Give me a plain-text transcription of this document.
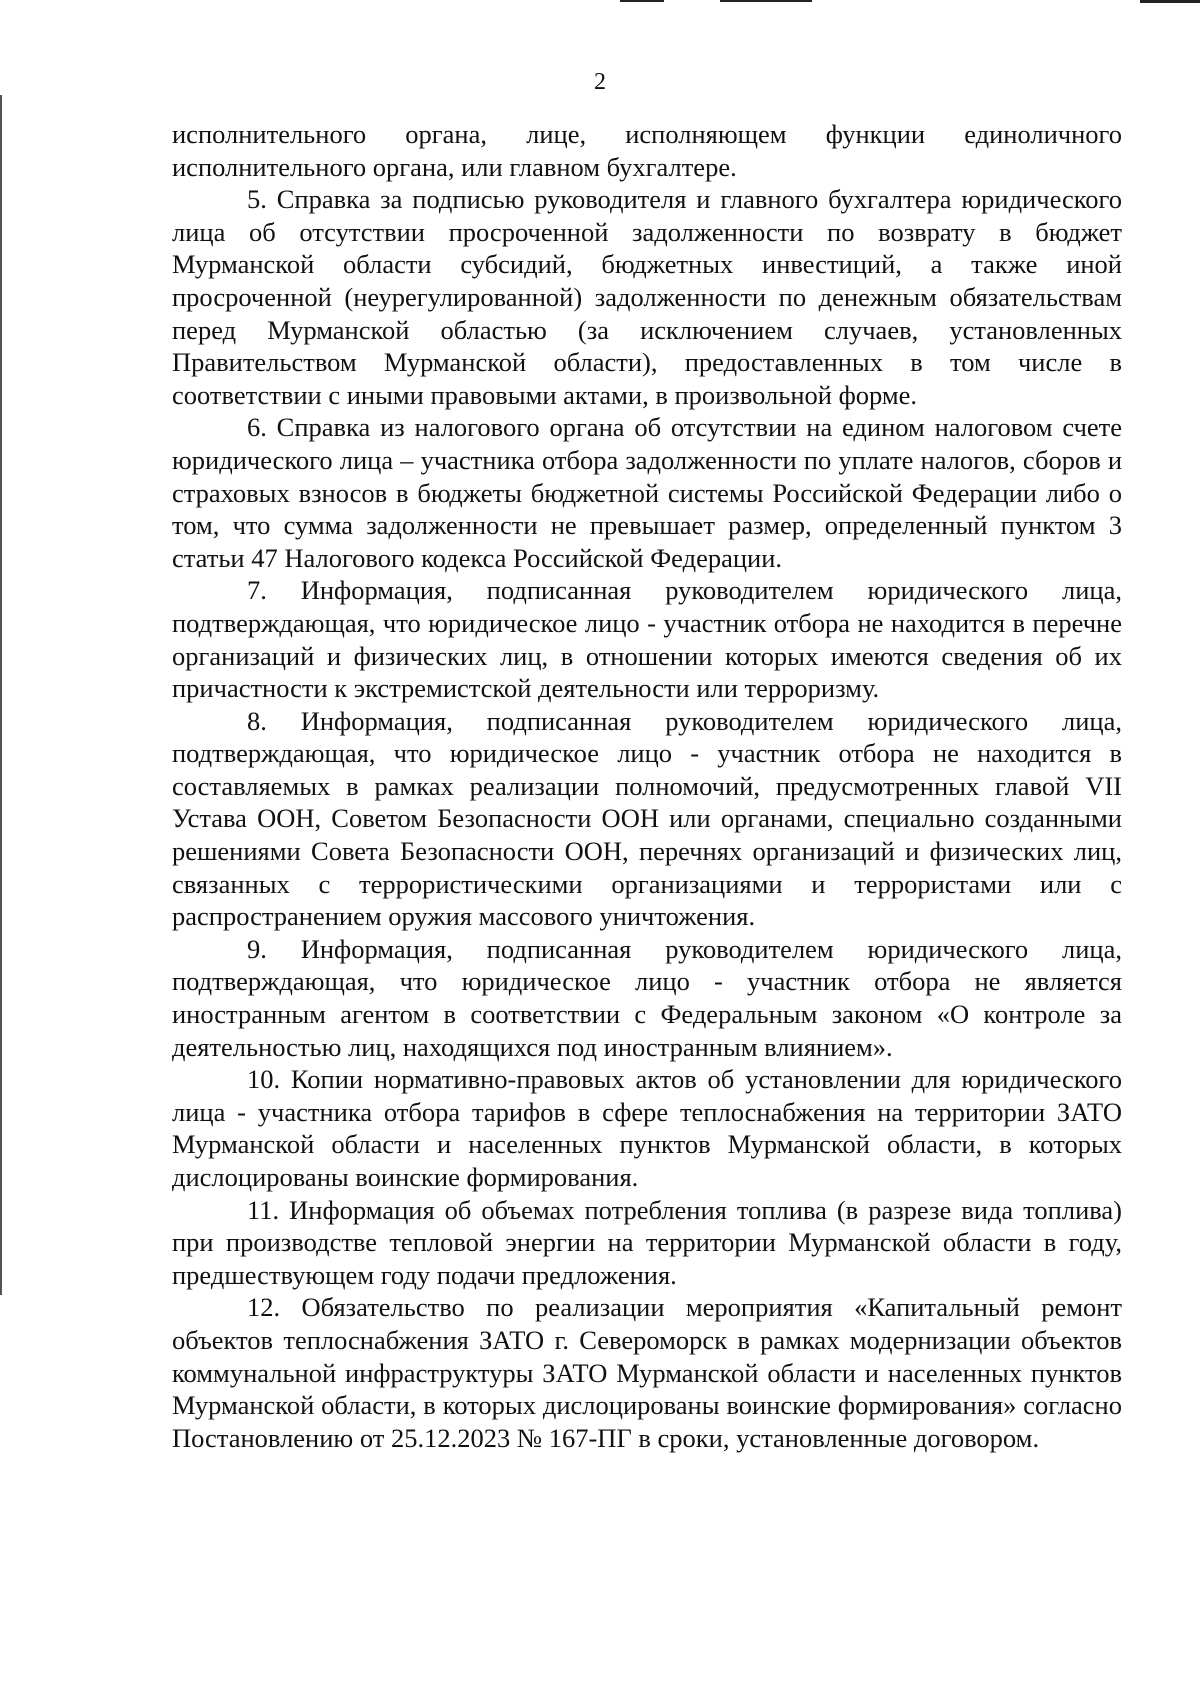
2

исполнительного органа, лице, исполняющем функции единоличного исполнительного органа, или главном бухгалтере.

5. Справка за подписью руководителя и главного бухгалтера юридического лица об отсутствии просроченной задолженности по возврату в бюджет Мурманской области субсидий, бюджетных инвестиций, а также иной просроченной (неурегулированной) задолженности по денежным обязательствам перед Мурманской областью (за исключением случаев, установленных Правительством Мурманской области), предоставленных в том числе в соответствии с иными правовыми актами, в произвольной форме.

6. Справка из налогового органа об отсутствии на едином налоговом счете юридического лица – участника отбора задолженности по уплате налогов, сборов и страховых взносов в бюджеты бюджетной системы Российской Федерации либо о том, что сумма задолженности не превышает размер, определенный пунктом 3 статьи 47 Налогового кодекса Российской Федерации.

7. Информация, подписанная руководителем юридического лица, подтверждающая, что юридическое лицо - участник отбора не находится в перечне организаций и физических лиц, в отношении которых имеются сведения об их причастности к экстремистской деятельности или терроризму.

8. Информация, подписанная руководителем юридического лица, подтверждающая, что юридическое лицо - участник отбора не находится в составляемых в рамках реализации полномочий, предусмотренных главой VII Устава ООН, Советом Безопасности ООН или органами, специально созданными решениями Совета Безопасности ООН, перечнях организаций и физических лиц, связанных с террористическими организациями и террористами или с распространением оружия массового уничтожения.

9. Информация, подписанная руководителем юридического лица, подтверждающая, что юридическое лицо - участник отбора не является иностранным агентом в соответствии с Федеральным законом «О контроле за деятельностью лиц, находящихся под иностранным влиянием».

10. Копии нормативно-правовых актов об установлении для юридического лица - участника отбора тарифов в сфере теплоснабжения на территории ЗАТО Мурманской области и населенных пунктов Мурманской области, в которых дислоцированы воинские формирования.

11. Информация об объемах потребления топлива (в разрезе вида топлива) при производстве тепловой энергии на территории Мурманской области в году, предшествующем году подачи предложения.

12. Обязательство по реализации мероприятия «Капитальный ремонт объектов теплоснабжения ЗАТО г. Североморск в рамках модернизации объектов коммунальной инфраструктуры ЗАТО Мурманской области и населенных пунктов Мурманской области, в которых дислоцированы воинские формирования» согласно Постановлению от 25.12.2023 № 167-ПГ в сроки, установленные договором.
